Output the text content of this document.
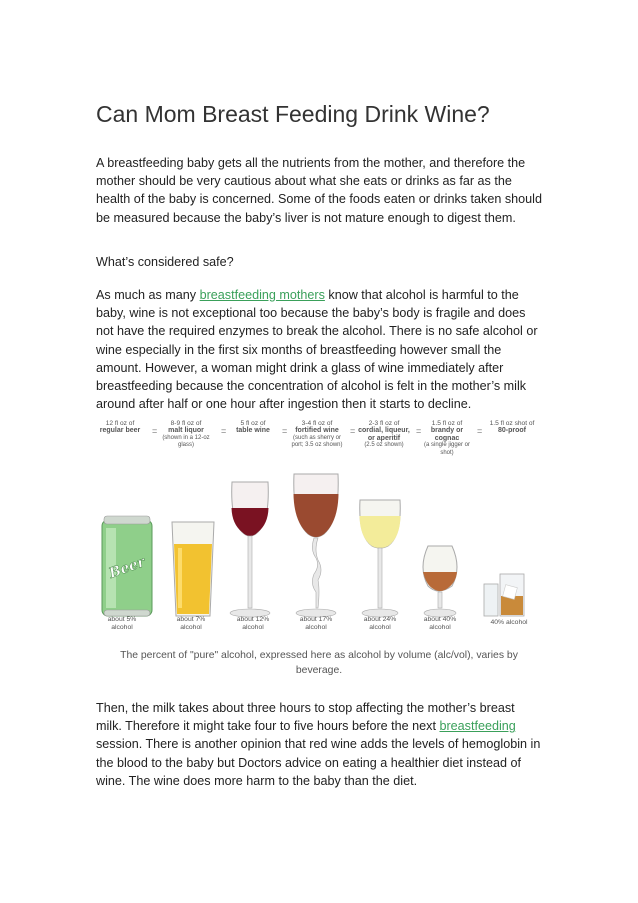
Can Mom Breast Feeding Drink Wine?

A breastfeeding baby gets all the nutrients from the mother, and therefore the mother should be very cautious about what she eats or drinks as far as the health of the baby is concerned. Some of the foods eaten or drinks taken should be measured because the baby’s liver is not mature enough to digest them.

What’s considered safe?

As much as many breastfeeding mothers know that alcohol is harmful to the baby, wine is not exceptional too because the baby’s body is fragile and does not have the required enzymes to break the alcohol. There is no safe alcohol or wine especially in the first six months of breastfeeding however small the amount. However, a woman might drink a glass of wine immediately after breastfeeding because the concentration of alcohol is felt in the mother’s milk around after half or one hour after ingestion then it starts to decline.

12 fl oz of
regular beer	=
8-9 fl oz of
malt liquor
(shown in a 12-oz glass)
=
5 fl oz of
table wine	=
3-4 fl oz of
fortified wine
(such as sherry or port; 3.5 oz shown)
=
2-3 fl oz of
cordial, liqueur, or aperitif
(2.5 oz shown)
=
1.5 fl oz of
brandy or cognac
(a single jigger or shot)
=
1.5 fl oz shot of
80-proof
Beer
about 5% alcohol
about 7% alcohol
about 12% alcohol
about 17% alcohol
about 24% alcohol
about 40% alcohol
40% alcohol
The percent of "pure" alcohol, expressed here as alcohol by volume (alc/vol), varies by beverage.

Then, the milk takes about three hours to stop affecting the mother’s breast milk. Therefore it might take four to five hours before the next breastfeeding session. There is another opinion that red wine adds the levels of hemoglobin in the blood to the baby but Doctors advice on eating a healthier diet instead of wine. The wine does more harm to the baby than the diet.
